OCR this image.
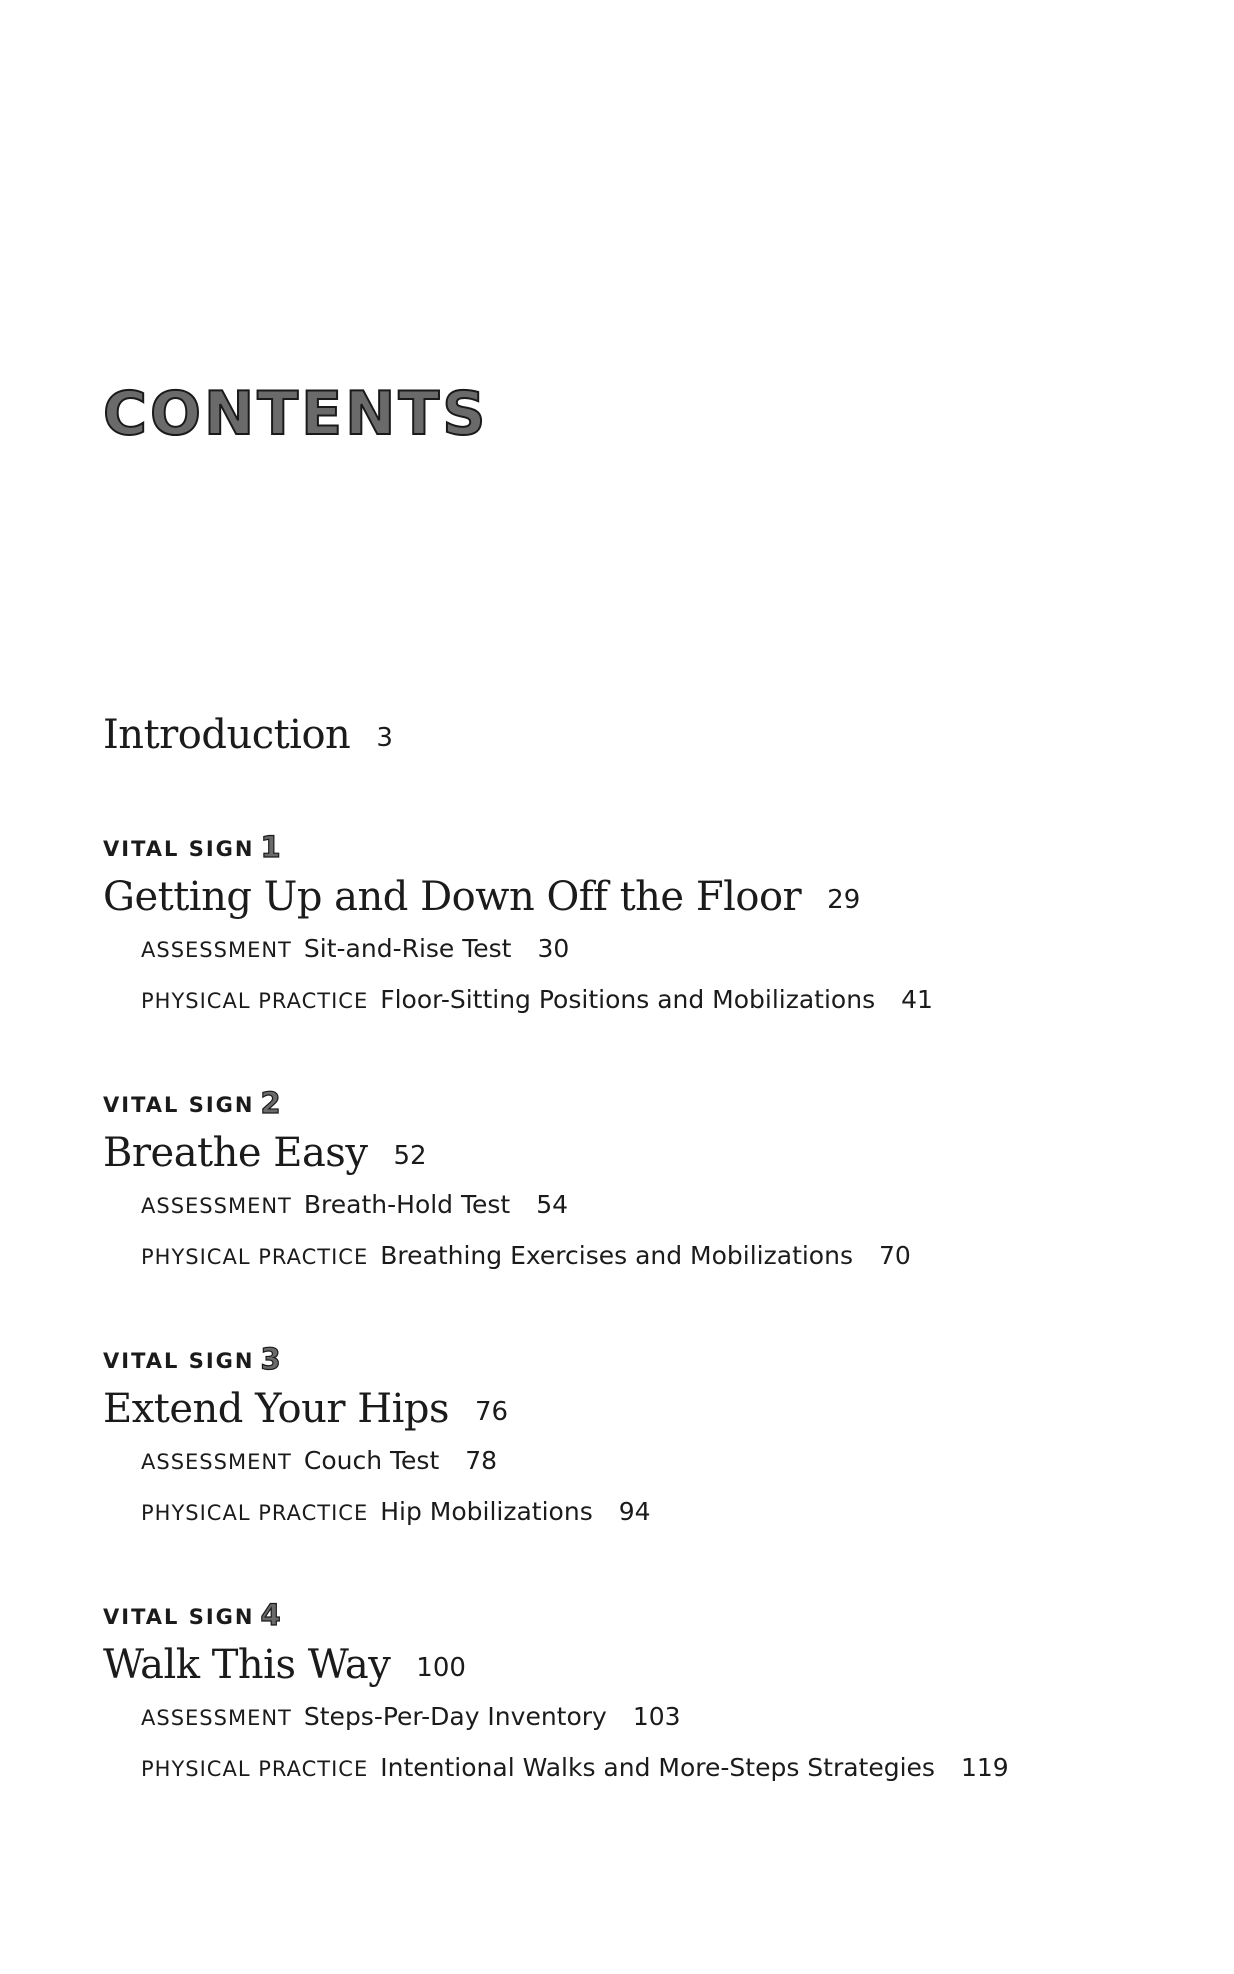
CONTENTS
Introduction 3
VITAL SIGN 1
Getting Up and Down Off the Floor 29
ASSESSMENT Sit-and-Rise Test 30
PHYSICAL PRACTICE Floor-Sitting Positions and Mobilizations 41
VITAL SIGN 2
Breathe Easy 52
ASSESSMENT Breath-Hold Test 54
PHYSICAL PRACTICE Breathing Exercises and Mobilizations 70
VITAL SIGN 3
Extend Your Hips 76
ASSESSMENT Couch Test 78
PHYSICAL PRACTICE Hip Mobilizations 94
VITAL SIGN 4
Walk This Way 100
ASSESSMENT Steps-Per-Day Inventory 103
PHYSICAL PRACTICE Intentional Walks and More-Steps Strategies 119
